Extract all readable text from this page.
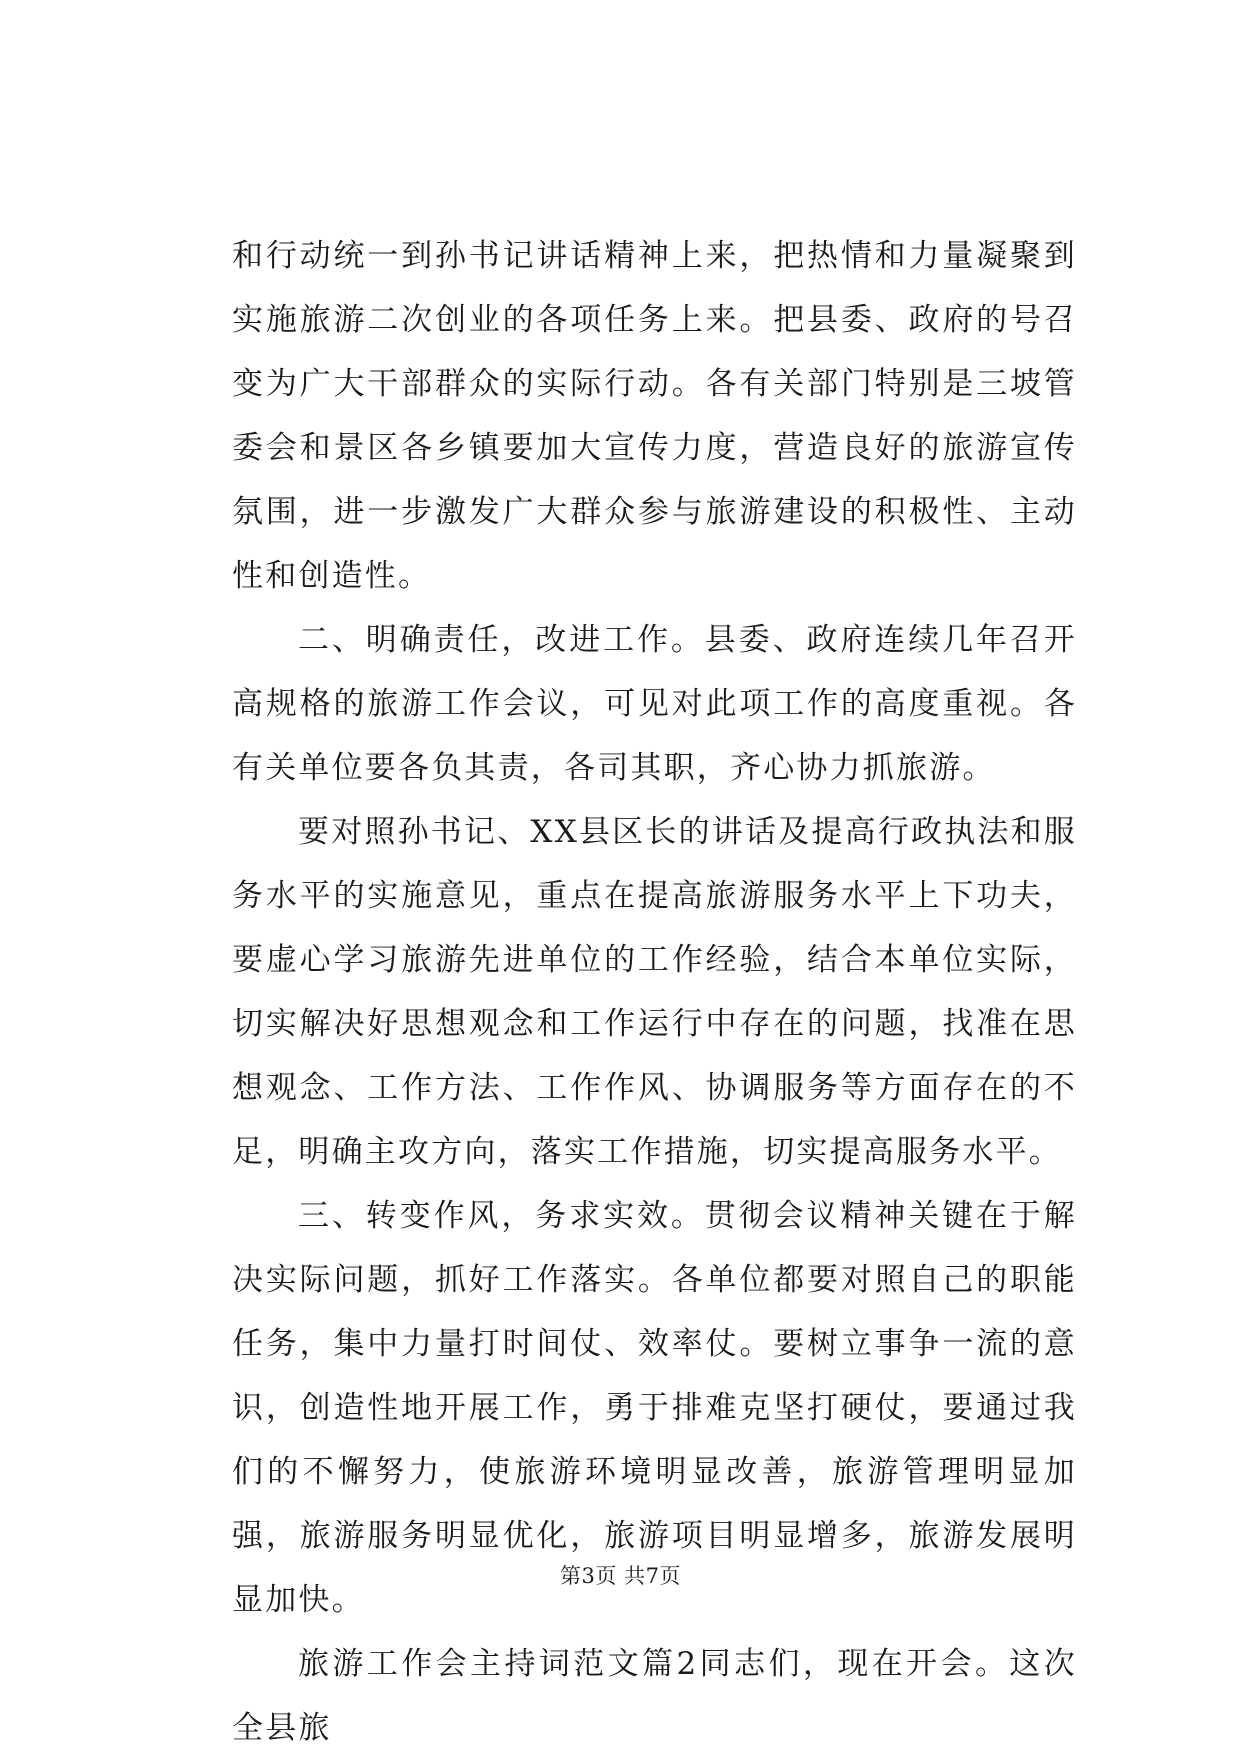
和行动统一到孙书记讲话精神上来，把热情和力量凝聚到实施旅游二次创业的各项任务上来。把县委、政府的号召变为广大干部群众的实际行动。各有关部门特别是三坡管委会和景区各乡镇要加大宣传力度，营造良好的旅游宣传氛围，进一步激发广大群众参与旅游建设的积极性、主动性和创造性。

二、明确责任，改进工作。县委、政府连续几年召开高规格的旅游工作会议，可见对此项工作的高度重视。各有关单位要各负其责，各司其职，齐心协力抓旅游。

要对照孙书记、XX县区长的讲话及提高行政执法和服务水平的实施意见，重点在提高旅游服务水平上下功夫，要虚心学习旅游先进单位的工作经验，结合本单位实际，切实解决好思想观念和工作运行中存在的问题，找准在思想观念、工作方法、工作作风、协调服务等方面存在的不足，明确主攻方向，落实工作措施，切实提高服务水平。

三、转变作风，务求实效。贯彻会议精神关键在于解决实际问题，抓好工作落实。各单位都要对照自己的职能任务，集中力量打时间仗、效率仗。要树立事争一流的意识，创造性地开展工作，勇于排难克坚打硬仗，要通过我们的不懈努力，使旅游环境明显改善，旅游管理明显加强，旅游服务明显优化，旅游项目明显增多，旅游发展明显加快。

旅游工作会主持词范文篇2同志们，现在开会。这次全县旅

第3页 共7页
